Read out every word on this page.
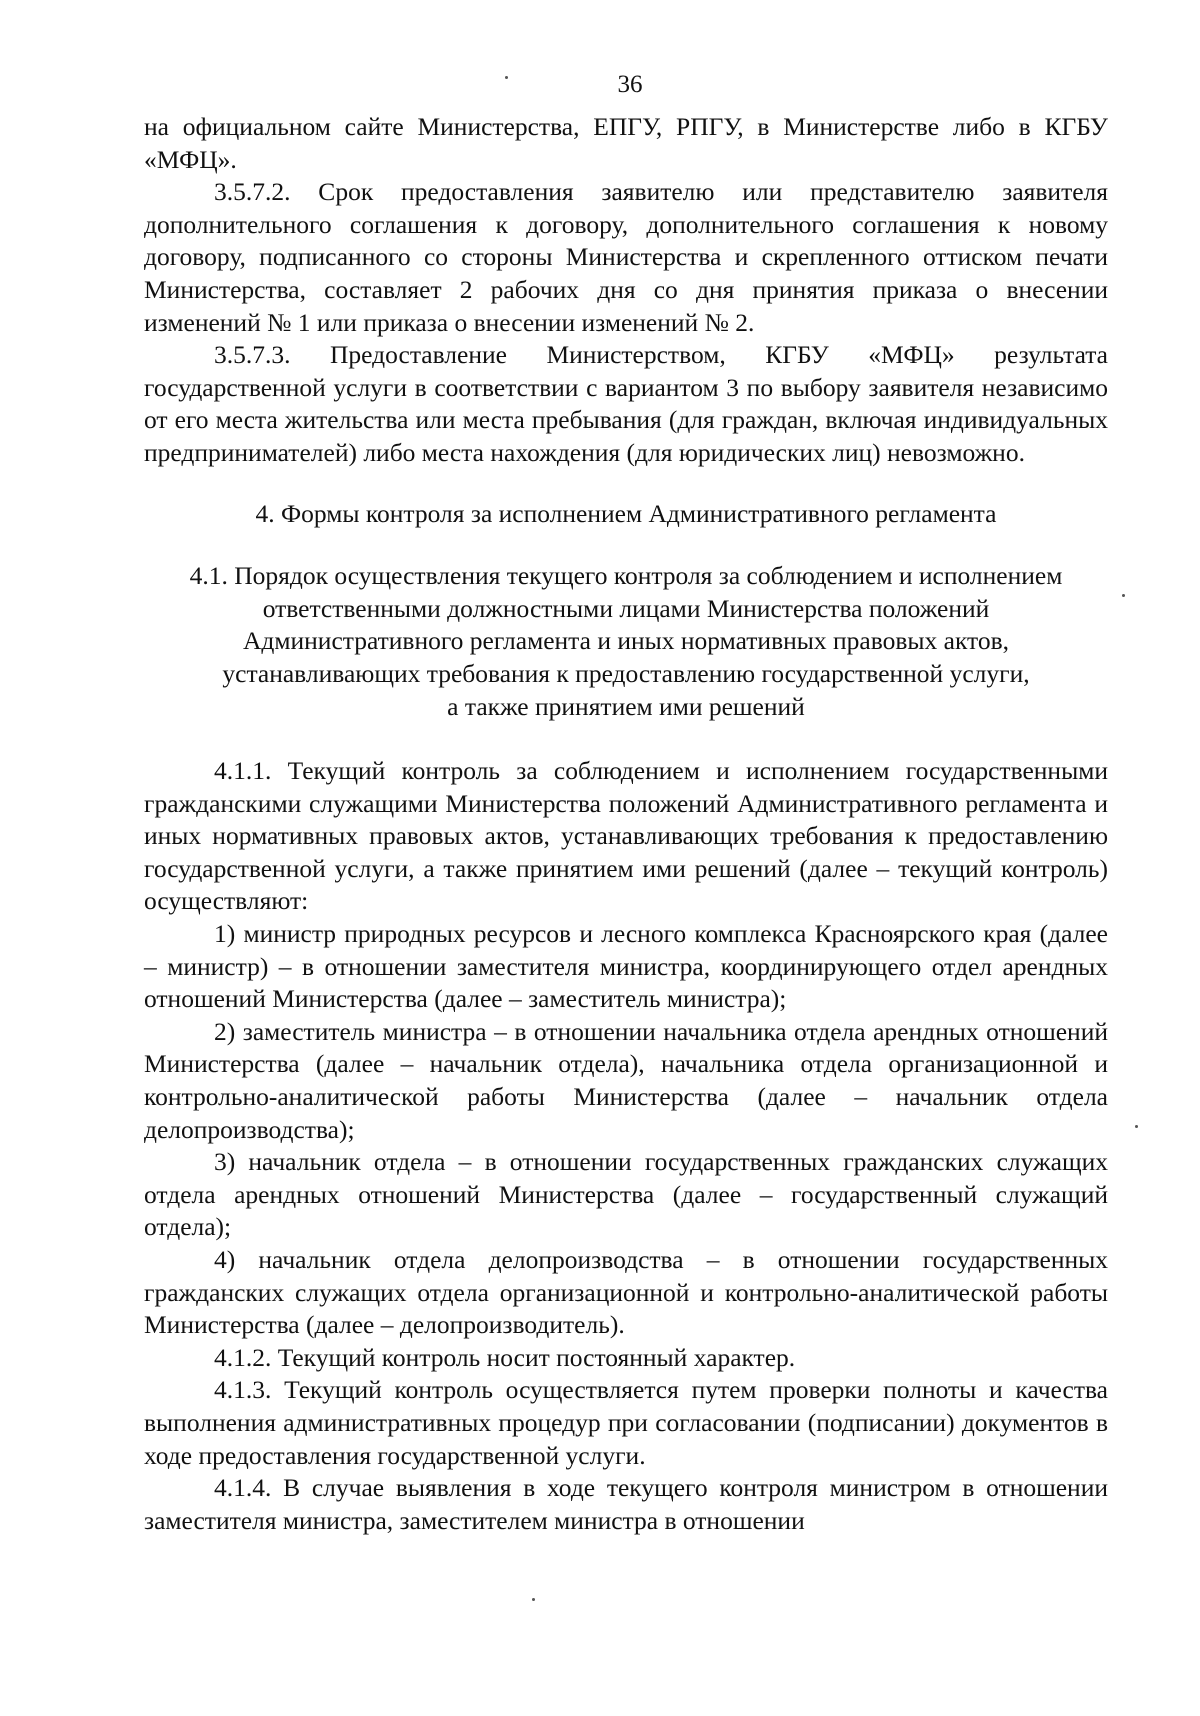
36

на официальном сайте Министерства, ЕПГУ, РПГУ, в Министерстве либо в КГБУ «МФЦ».

3.5.7.2. Срок предоставления заявителю или представителю заявителя дополнительного соглашения к договору, дополнительного соглашения к новому договору, подписанного со стороны Министерства и скрепленного оттиском печати Министерства, составляет 2 рабочих дня со дня принятия приказа о внесении изменений № 1 или приказа о внесении изменений № 2.

3.5.7.3. Предоставление Министерством, КГБУ «МФЦ» результата государственной услуги в соответствии с вариантом 3 по выбору заявителя независимо от его места жительства или места пребывания (для граждан, включая индивидуальных предпринимателей) либо места нахождения (для юридических лиц) невозможно.

4. Формы контроля за исполнением Административного регламента

4.1. Порядок осуществления текущего контроля за соблюдением и исполнением

ответственными должностными лицами Министерства положений

Административного регламента и иных нормативных правовых актов,

устанавливающих требования к предоставлению государственной услуги,

а также принятием ими решений

4.1.1. Текущий контроль за соблюдением и исполнением государственными гражданскими служащими Министерства положений Административного регламента и иных нормативных правовых актов, устанавливающих требования к предоставлению государственной услуги, а также принятием ими решений (далее – текущий контроль) осуществляют:

1) министр природных ресурсов и лесного комплекса Красноярского края (далее – министр) – в отношении заместителя министра, координирующего отдел арендных отношений Министерства (далее – заместитель министра);

2) заместитель министра – в отношении начальника отдела арендных отношений Министерства (далее – начальник отдела), начальника отдела организационной и контрольно-аналитической работы Министерства (далее – начальник отдела делопроизводства);

3) начальник отдела – в отношении государственных гражданских служащих отдела арендных отношений Министерства (далее – государственный служащий отдела);

4) начальник отдела делопроизводства – в отношении государственных гражданских служащих отдела организационной и контрольно-аналитической работы Министерства (далее – делопроизводитель).

4.1.2. Текущий контроль носит постоянный характер.

4.1.3. Текущий контроль осуществляется путем проверки полноты и качества выполнения административных процедур при согласовании (подписании) документов в ходе предоставления государственной услуги.

4.1.4. В случае выявления в ходе текущего контроля министром в отношении заместителя министра, заместителем министра в отношении
